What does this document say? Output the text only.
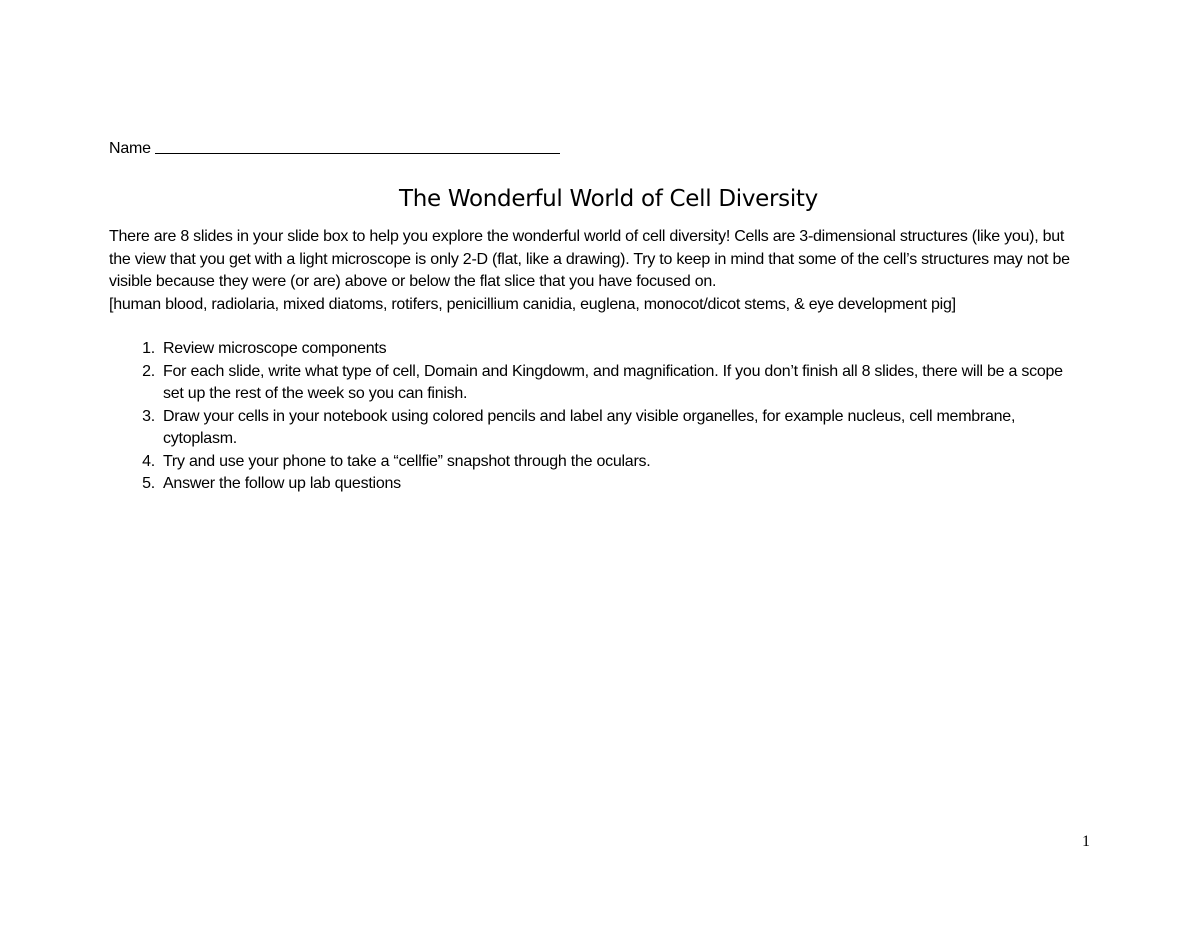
Name
The Wonderful World of Cell Diversity

There are 8 slides in your slide box to help you explore the wonderful world of cell diversity! Cells are 3-dimensional structures (like you), but the view that you get with a light microscope is only 2-D (flat, like a drawing). Try to keep in mind that some of the cell’s structures may not be visible because they were (or are) above or below the flat slice that you have focused on.

[human blood, radiolaria, mixed diatoms, rotifers, penicillium canidia, euglena, monocot/dicot stems, & eye development pig]

1. Review microscope components
2. For each slide, write what type of cell, Domain and Kingdowm, and magnification. If you don’t finish all 8 slides, there will be a scope set up the rest of the week so you can finish.
3. Draw your cells in your notebook using colored pencils and label any visible organelles, for example nucleus, cell membrane, cytoplasm.
4. Try and use your phone to take a “cellfie” snapshot through the oculars.
5. Answer the follow up lab questions
1
